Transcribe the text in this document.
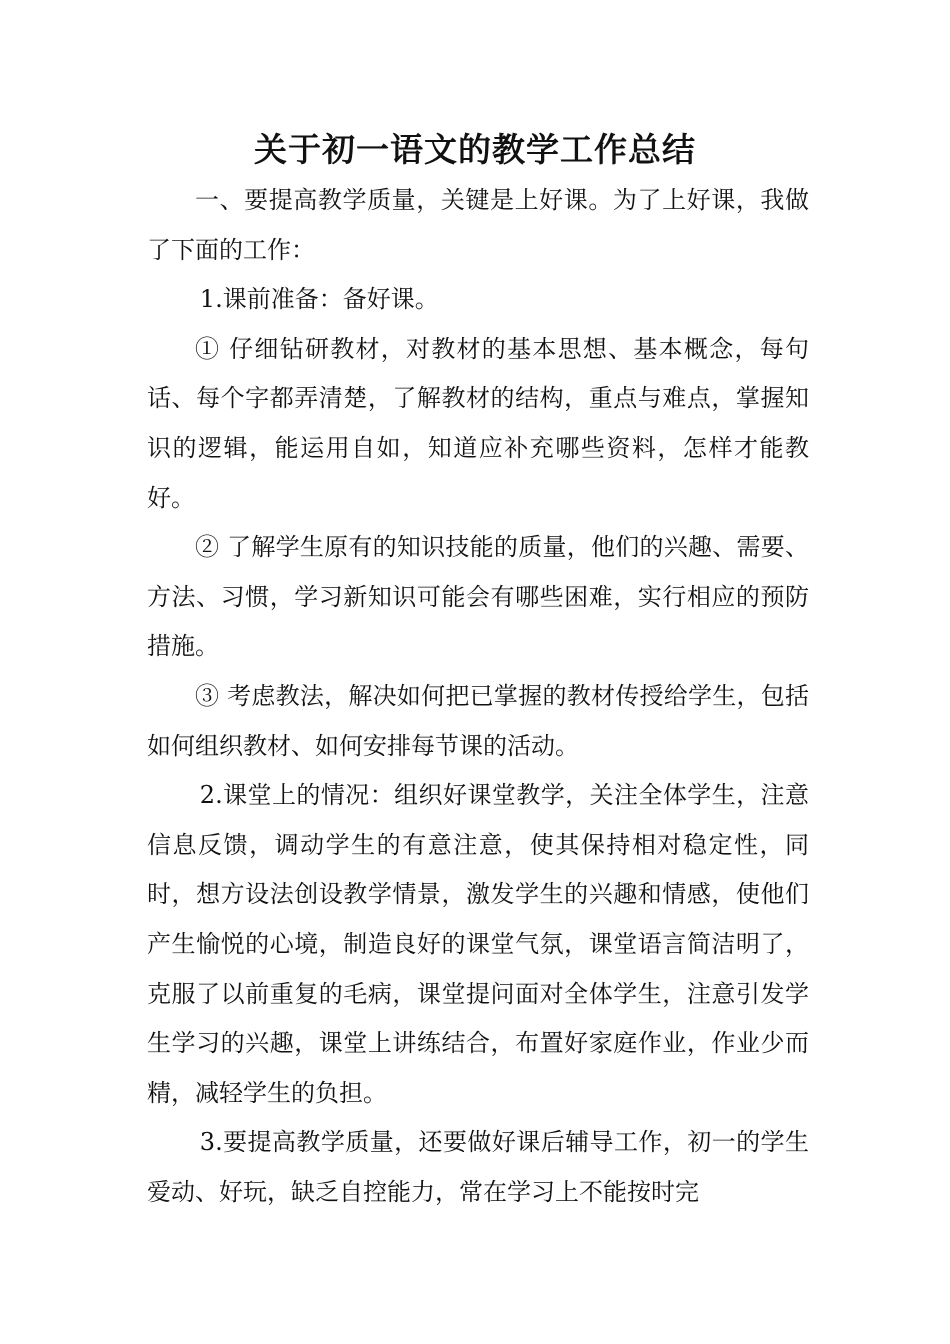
关于初一语文的教学工作总结

一、要提高教学质量，关键是上好课。为了上好课，我做了下面的工作：

1.课前准备：备好课。

① 仔细钻研教材，对教材的基本思想、基本概念，每句话、每个字都弄清楚，了解教材的结构，重点与难点，掌握知识的逻辑，能运用自如，知道应补充哪些资料，怎样才能教好。

② 了解学生原有的知识技能的质量，他们的兴趣、需要、方法、习惯，学习新知识可能会有哪些困难，实行相应的预防措施。

③ 考虑教法，解决如何把已掌握的教材传授给学生，包括如何组织教材、如何安排每节课的活动。

2.课堂上的情况：组织好课堂教学，关注全体学生，注意信息反馈，调动学生的有意注意，使其保持相对稳定性，同时，想方设法创设教学情景，激发学生的兴趣和情感，使他们产生愉悦的心境，制造良好的课堂气氛，课堂语言简洁明了，克服了以前重复的毛病，课堂提问面对全体学生，注意引发学生学习的兴趣，课堂上讲练结合，布置好家庭作业，作业少而精，减轻学生的负担。

3.要提高教学质量，还要做好课后辅导工作，初一的学生爱动、好玩，缺乏自控能力，常在学习上不能按时完
